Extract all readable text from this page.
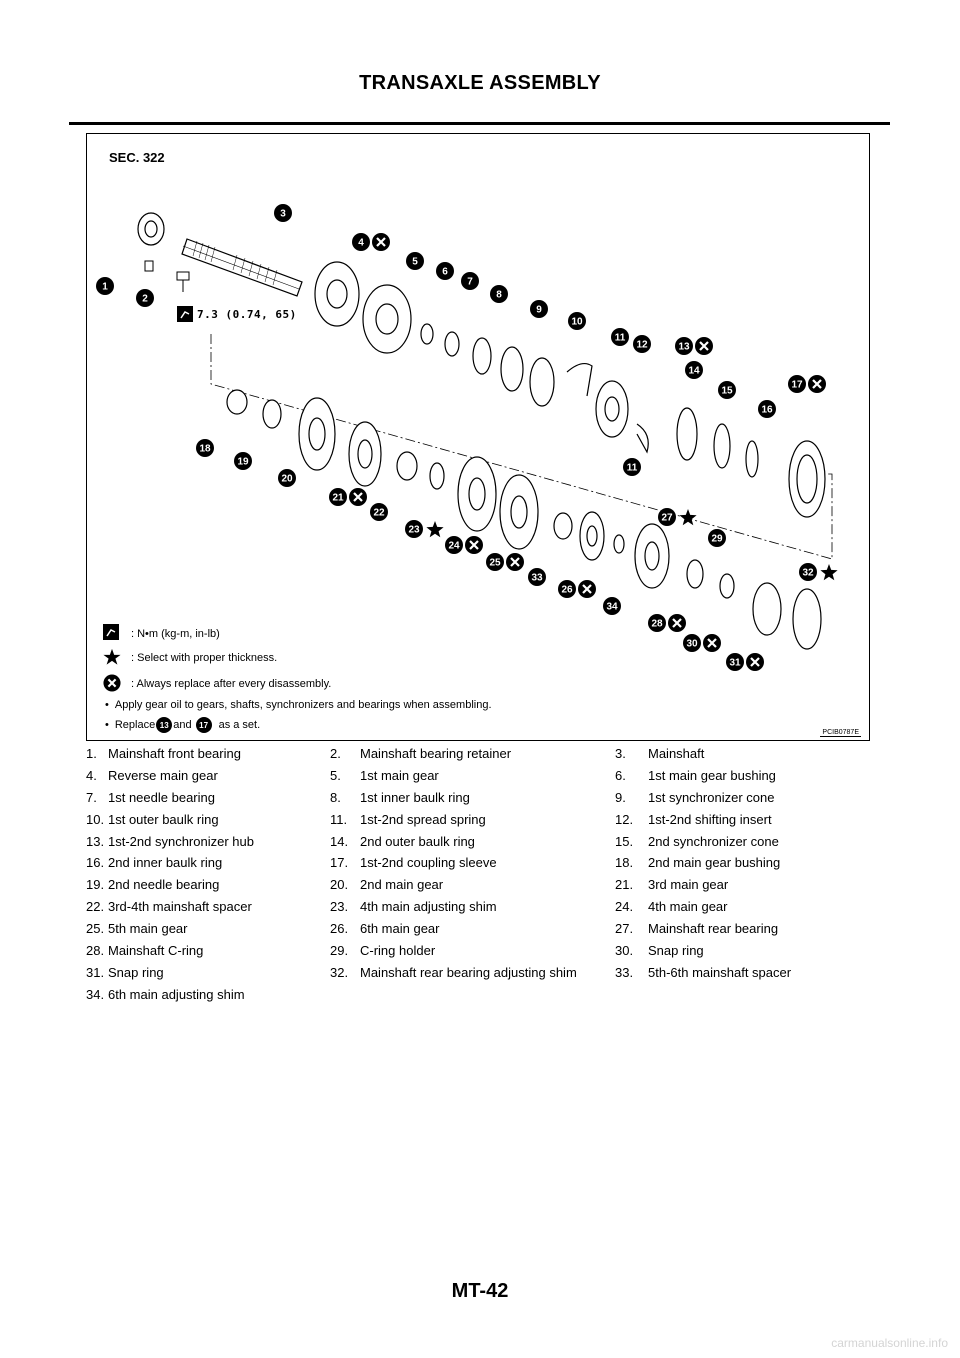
TRANSAXLE ASSEMBLY
1
2
3
4
5
6
7
8
9
10
11
12	13
14
15
16
17
18
19
20
21
22
23
24
25
26
27
28
29
30
31
32
33
34
11
SEC. 322
7.3 (0.74, 65)
: N•m (kg-m, in-lb)
: Select with proper thickness.
: Always replace after every disassembly.
• Apply gear oil to gears, shafts, synchronizers and bearings when assembling.
• Replace 13 and 17 as a set.
PCIB0787E
1. Mainshaft front bearing	2. Mainshaft bearing retainer	3. Mainshaft
4. Reverse main gear	5. 1st main gear	6. 1st main gear bushing
7. 1st needle bearing	8. 1st inner baulk ring	9. 1st synchronizer cone
10. 1st outer baulk ring	11. 1st-2nd spread spring	12. 1st-2nd shifting insert
13. 1st-2nd synchronizer hub	14. 2nd outer baulk ring	15. 2nd synchronizer cone
16. 2nd inner baulk ring	17. 1st-2nd coupling sleeve	18. 2nd main gear bushing
19. 2nd needle bearing	20. 2nd main gear	21. 3rd main gear
22. 3rd-4th mainshaft spacer	23. 4th main adjusting shim	24. 4th main gear
25. 5th main gear	26. 6th main gear	27. Mainshaft rear bearing
28. Mainshaft C-ring	29. C-ring holder	30. Snap ring
31. Snap ring	32. Mainshaft rear bearing adjusting shim	33. 5th-6th mainshaft spacer
34. 6th main adjusting shim
MT-42
carmanualsonline.info
